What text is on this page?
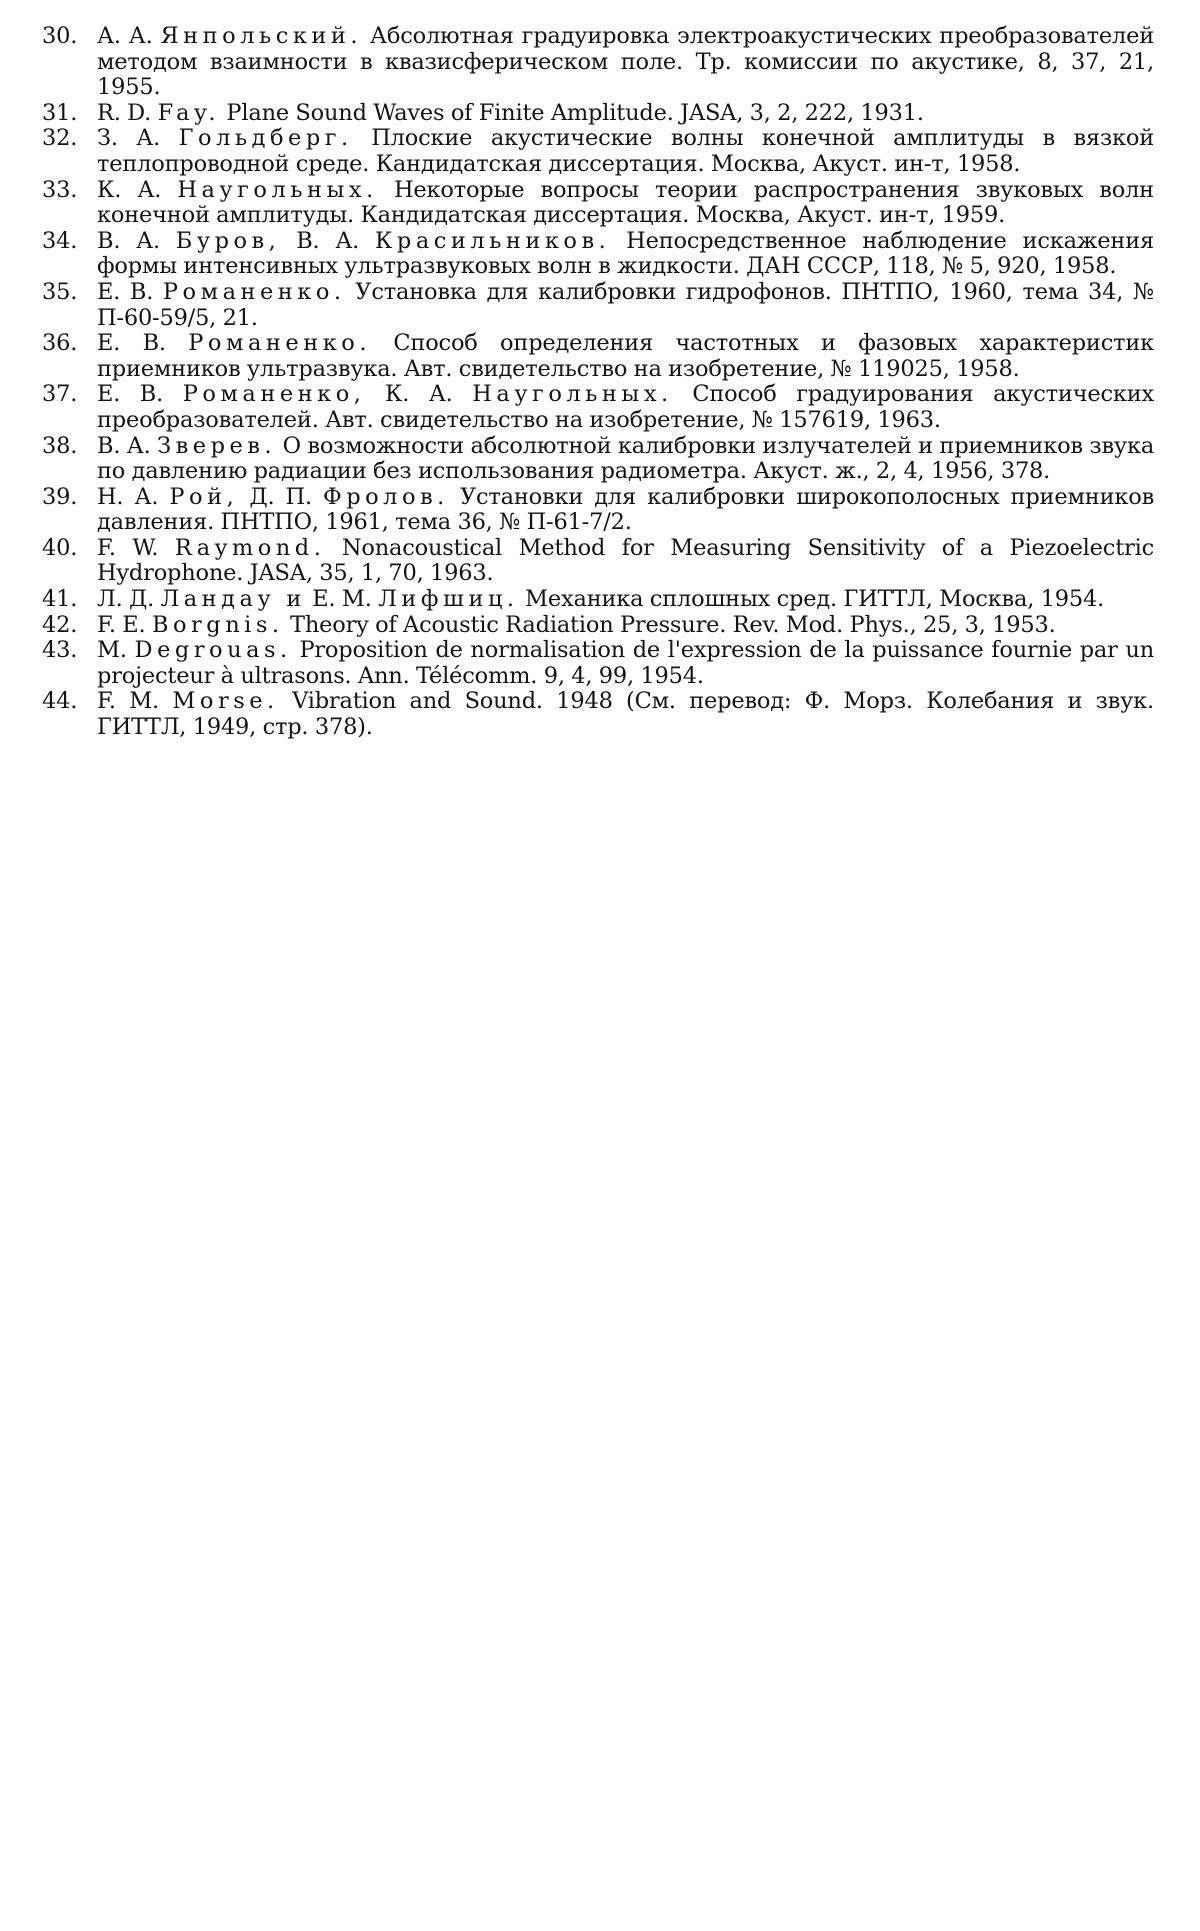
30. А. А. Янпольский. Абсолютная градуировка электроакустических преобразователей методом взаимности в квазисферическом поле. Тр. комиссии по акустике, 8, 37, 21, 1955.
31. R. D. Fay. Plane Sound Waves of Finite Amplitude. JASA, 3, 2, 222, 1931.
32. З. А. Гольдберг. Плоские акустические волны конечной амплитуды в вязкой теплопроводной среде. Кандидатская диссертация. Москва, Акуст. ин-т, 1958.
33. К. А. Наугольных. Некоторые вопросы теории распространения звуковых волн конечной амплитуды. Кандидатская диссертация. Москва, Акуст. ин-т, 1959.
34. В. А. Буров, В. А. Красильников. Непосредственное наблюдение искажения формы интенсивных ультразвуковых волн в жидкости. ДАН СССР, 118, № 5, 920, 1958.
35. Е. В. Романенко. Установка для калибровки гидрофонов. ПНТПО, 1960, тема 34, № П-60-59/5, 21.
36. Е. В. Романенко. Способ определения частотных и фазовых характеристик приемников ультразвука. Авт. свидетельство на изобретение, № 119025, 1958.
37. Е. В. Романенко, К. А. Наугольных. Способ градуирования акустических преобразователей. Авт. свидетельство на изобретение, № 157619, 1963.
38. В. А. Зверев. О возможности абсолютной калибровки излучателей и приемников звука по давлению радиации без использования радиометра. Акуст. ж., 2, 4, 1956, 378.
39. Н. А. Рой, Д. П. Фролов. Установки для калибровки широкополосных приемников давления. ПНТПО, 1961, тема 36, № П-61-7/2.
40. F. W. Raymond. Nonacoustical Method for Measuring Sensitivity of a Piezoelectric Hydrophone. JASA, 35, 1, 70, 1963.
41. Л. Д. Ландау и Е. М. Лифшиц. Механика сплошных сред. ГИТТЛ, Москва, 1954.
42. F. E. Borgnis. Theory of Acoustic Radiation Pressure. Rev. Mod. Phys., 25, 3, 1953.
43. M. Degrouas. Proposition de normalisation de l'expression de la puissance fournie par un projecteur à ultrasons. Ann. Télécomm. 9, 4, 99, 1954.
44. F. M. Morse. Vibration and Sound. 1948 (См. перевод: Ф. Морз. Колебания и звук. ГИТТЛ, 1949, стр. 378).
